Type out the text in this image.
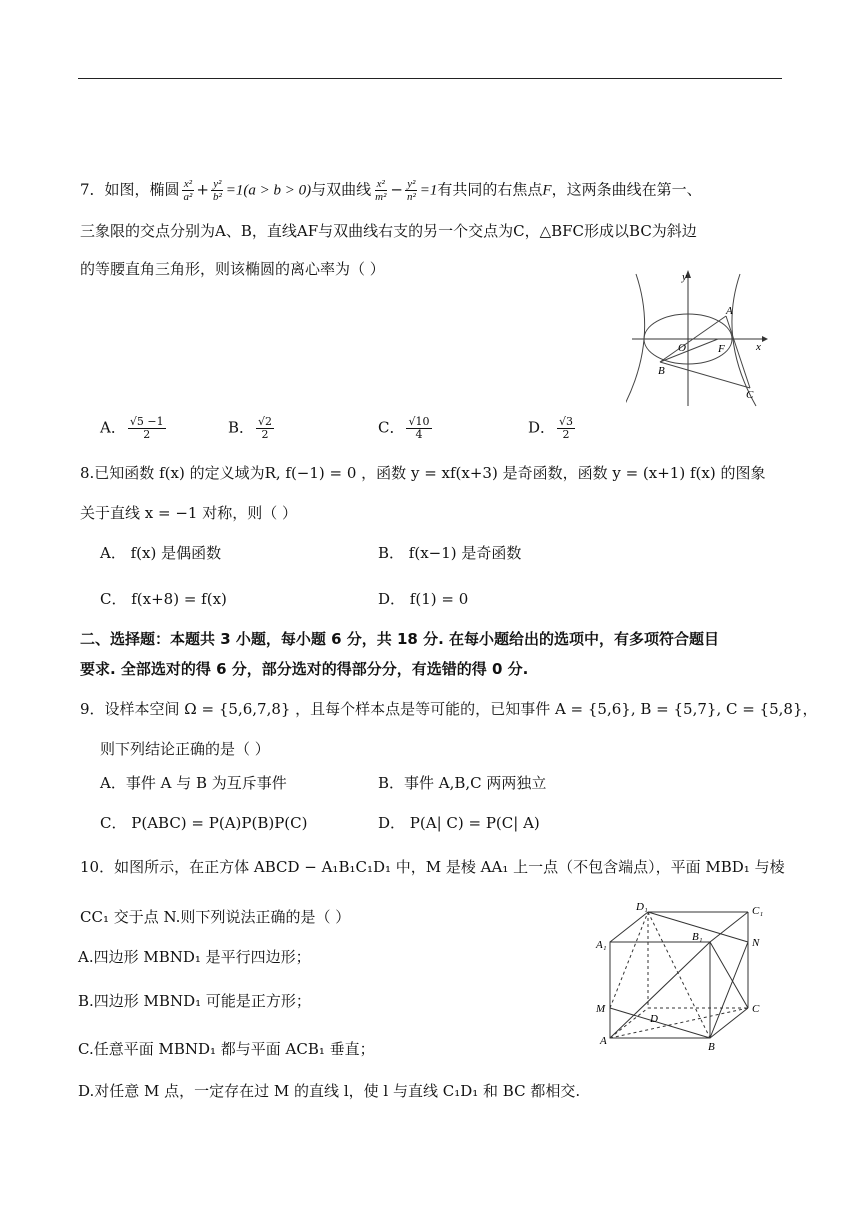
7．如图，椭圆 $\frac{\text{x²}}{\text{a²}} + \frac{\text{y²}}{\text{b²}} =1(a > b > 0)$与双曲线 $\frac{\text{x²}}{\text{m²}} - \frac{\text{y²}}{\text{n²}} =1$有共同的右焦点F，这两条曲线在第一、
三象限的交点分别为A、B，直线AF与双曲线右支的另一个交点为C，△BFC形成以BC为斜边
的等腰直角三角形，则该椭圆的离心率为（ ）	y
x
O
A
F
B
C
A． $\frac{√5 -1}{2}$	B． $\frac{√2}{2}$	C． $\frac{√10}{4}$	D． $\frac{√3}{2}$
8.已知函数 f(x) 的定义域为R, f(−1) = 0 ，函数 y = xf(x+3) 是奇函数，函数 y = (x+1) f(x) 的图象
关于直线 x = −1 对称，则（ ）
A． f(x) 是偶函数	B． f(x−1) 是奇函数
C． f(x+8) = f(x)	D． f(1) = 0
二、选择题：本题共 3 小题，每小题 6 分，共 18 分. 在每小题给出的选项中，有多项符合题目
要求. 全部选对的得 6 分，部分选对的得部分分，有选错的得 0 分.
9．设样本空间 Ω = {5,6,7,8} ，且每个样本点是等可能的，已知事件 A = {5,6}, B = {5,7}, C = {5,8}，
则下列结论正确的是（ ）
A．事件 A 与 B 为互斥事件	B．事件 A,B,C 两两独立
C． P(ABC) = P(A)P(B)P(C)	D． P(A| C) = P(C| A)
10．如图所示，在正方体 ABCD − A₁B₁C₁D₁ 中，M 是棱 AA₁ 上一点（不包含端点），平面 MBD₁ 与棱
CC₁ 交于点 N.则下列说法正确的是（ ）
A.四边形 MBND₁ 是平行四边形；
B.四边形 MBND₁ 可能是正方形；
C.任意平面 MBND₁ 都与平面 ACB₁ 垂直；
D.对任意 M 点，一定存在过 M 的直线 l，使 l 与直线 C₁D₁ 和 BC 都相交.
D₁	C₁
A₁
B₁	N
M
D
C
A	B
